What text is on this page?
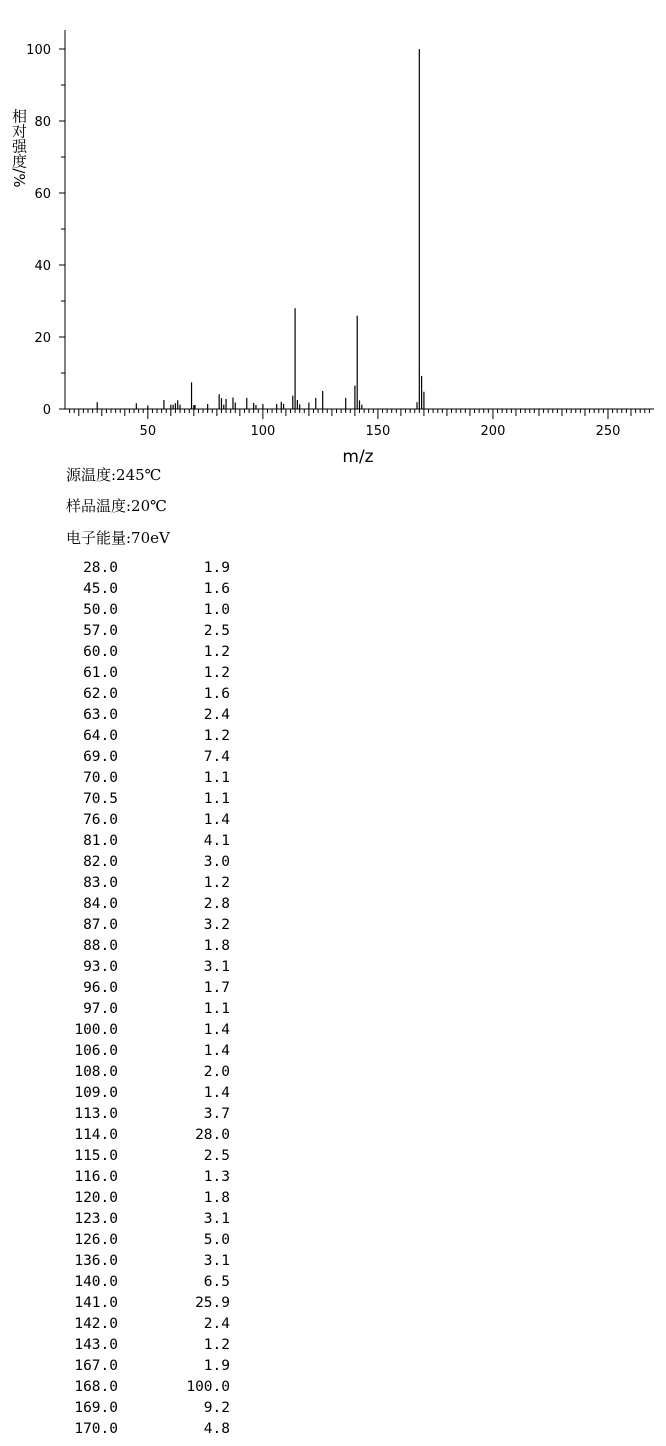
0
20
40
60
80
100
50	100	150	200	250
m/z
相对强度/%
源温度:245℃
样品温度:20℃
电子能量:70eV
28.0	1.9
45.0	1.6
50.0	1.0
57.0	2.5
60.0	1.2
61.0	1.2
62.0	1.6
63.0	2.4
64.0	1.2
69.0	7.4
70.0	1.1
70.5	1.1
76.0	1.4
81.0	4.1
82.0	3.0
83.0	1.2
84.0	2.8
87.0	3.2
88.0	1.8
93.0	3.1
96.0	1.7
97.0	1.1
100.0	1.4
106.0	1.4
108.0	2.0
109.0	1.4
113.0	3.7
114.0	28.0
115.0	2.5
116.0	1.3
120.0	1.8
123.0	3.1
126.0	5.0
136.0	3.1
140.0	6.5
141.0	25.9
142.0	2.4
143.0	1.2
167.0	1.9
168.0	100.0
169.0	9.2
170.0	4.8
